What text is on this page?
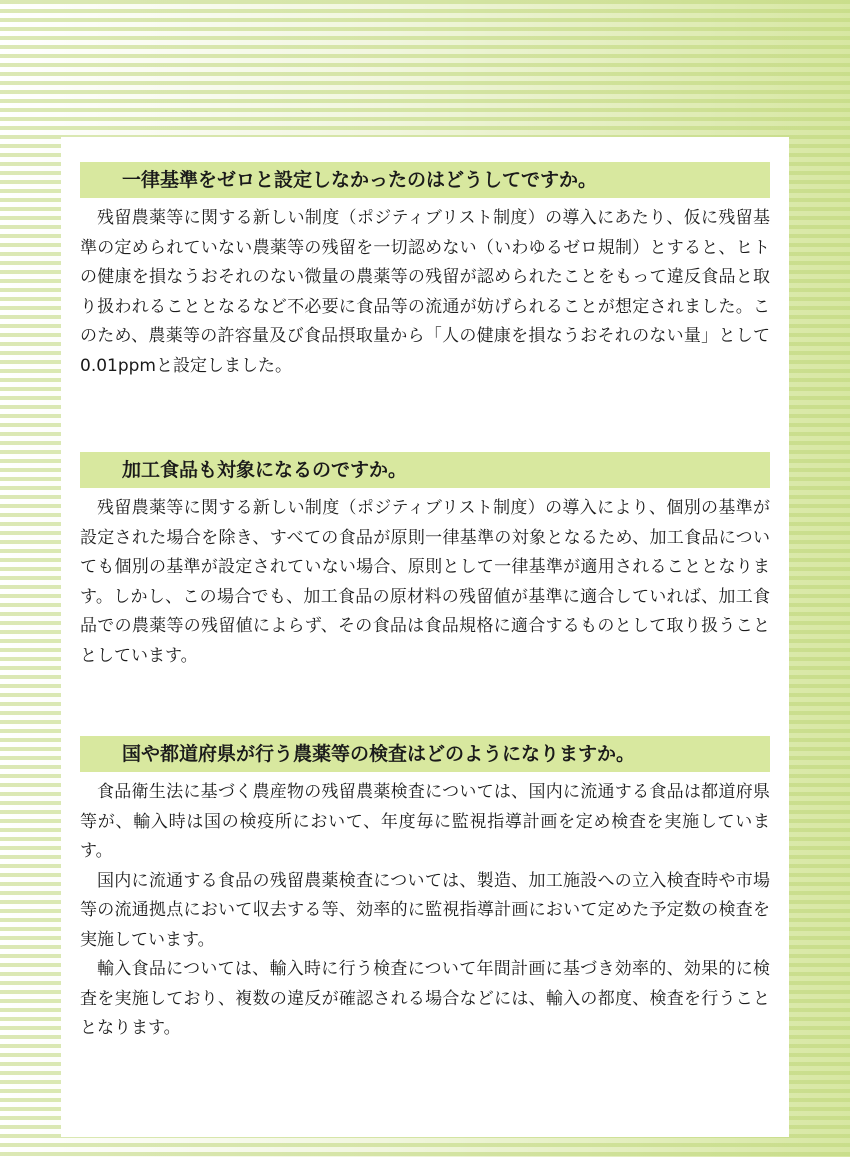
一律基準をゼロと設定しなかったのはどうしてですか。

残留農薬等に関する新しい制度（ポジティブリスト制度）の導入にあたり、仮に残留基準の定められていない農薬等の残留を一切認めない（いわゆるゼロ規制）とすると、ヒトの健康を損なうおそれのない微量の農薬等の残留が認められたことをもって違反食品と取り扱われることとなるなど不必要に食品等の流通が妨げられることが想定されました。このため、農薬等の許容量及び食品摂取量から「人の健康を損なうおそれのない量」として0.01ppmと設定しました。

加工食品も対象になるのですか。

残留農薬等に関する新しい制度（ポジティブリスト制度）の導入により、個別の基準が設定された場合を除き、すべての食品が原則一律基準の対象となるため、加工食品についても個別の基準が設定されていない場合、原則として一律基準が適用されることとなります。しかし、この場合でも、加工食品の原材料の残留値が基準に適合していれば、加工食品での農薬等の残留値によらず、その食品は食品規格に適合するものとして取り扱うこととしています。

国や都道府県が行う農薬等の検査はどのようになりますか。

食品衛生法に基づく農産物の残留農薬検査については、国内に流通する食品は都道府県等が、輸入時は国の検疫所において、年度毎に監視指導計画を定め検査を実施しています。

国内に流通する食品の残留農薬検査については、製造、加工施設への立入検査時や市場等の流通拠点において収去する等、効率的に監視指導計画において定めた予定数の検査を実施しています。

輸入食品については、輸入時に行う検査について年間計画に基づき効率的、効果的に検査を実施しており、複数の違反が確認される場合などには、輸入の都度、検査を行うこととなります。
